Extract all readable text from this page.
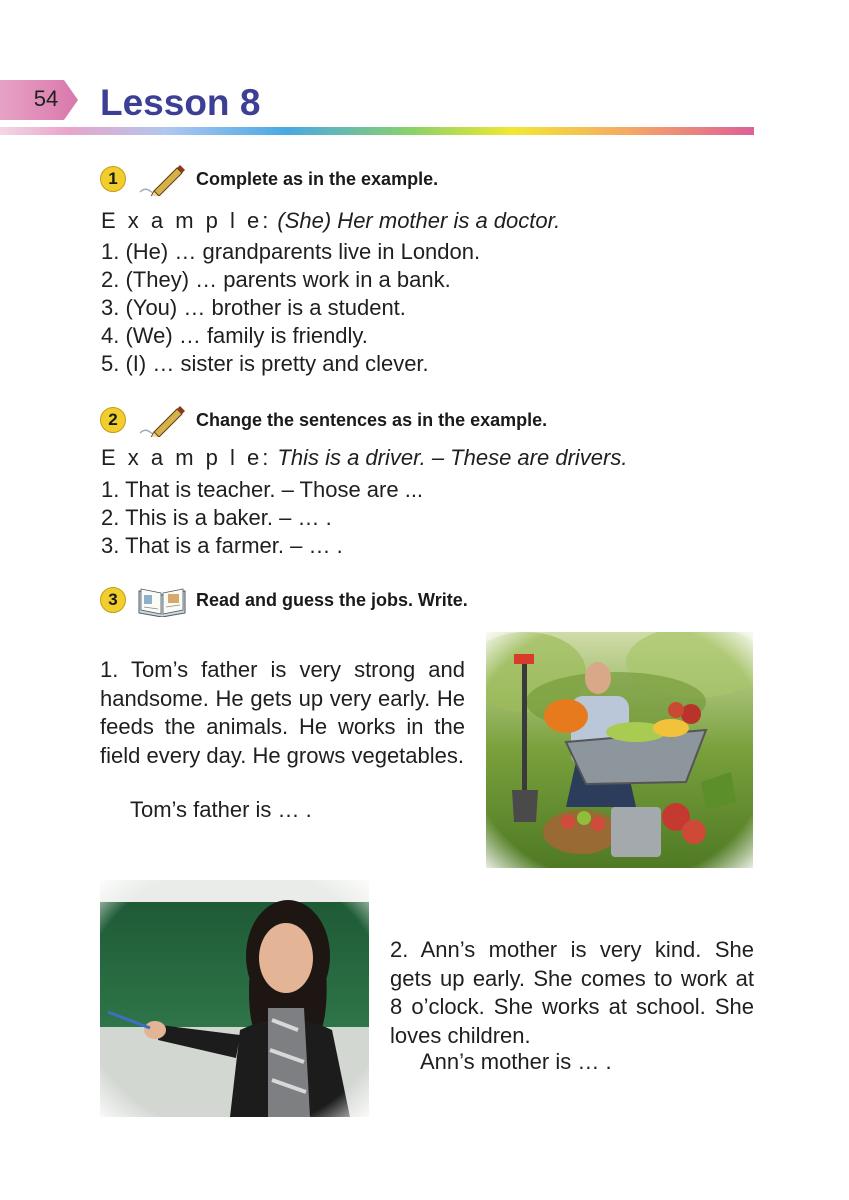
54	Lesson 8
1	Complete as in the example.
E x a m p l e: (She) Her mother is a doctor.
1. (He) … grandparents live in London.
2. (They) … parents work in a bank.
3. (You) … brother is a student.
4. (We) … family is friendly.
5. (I) … sister is pretty and clever.
2	Change the sentences as in the example.
E x a m p l e: This is a driver. – These are drivers.
1. That is teacher. – Those are ...
2. This is a baker. – … .
3. That is a farmer. – … .
3	Read and guess the jobs. Write.

1. Tom’s father is very strong and handsome. He gets up very early. He feeds the animals. He works in the field every day. He grows vegetables.

Tom’s father is … .

2. Ann’s mother is very kind. She gets up early. She comes to work at 8 o’clock. She works at school. She loves children.

Ann’s mother is … .
